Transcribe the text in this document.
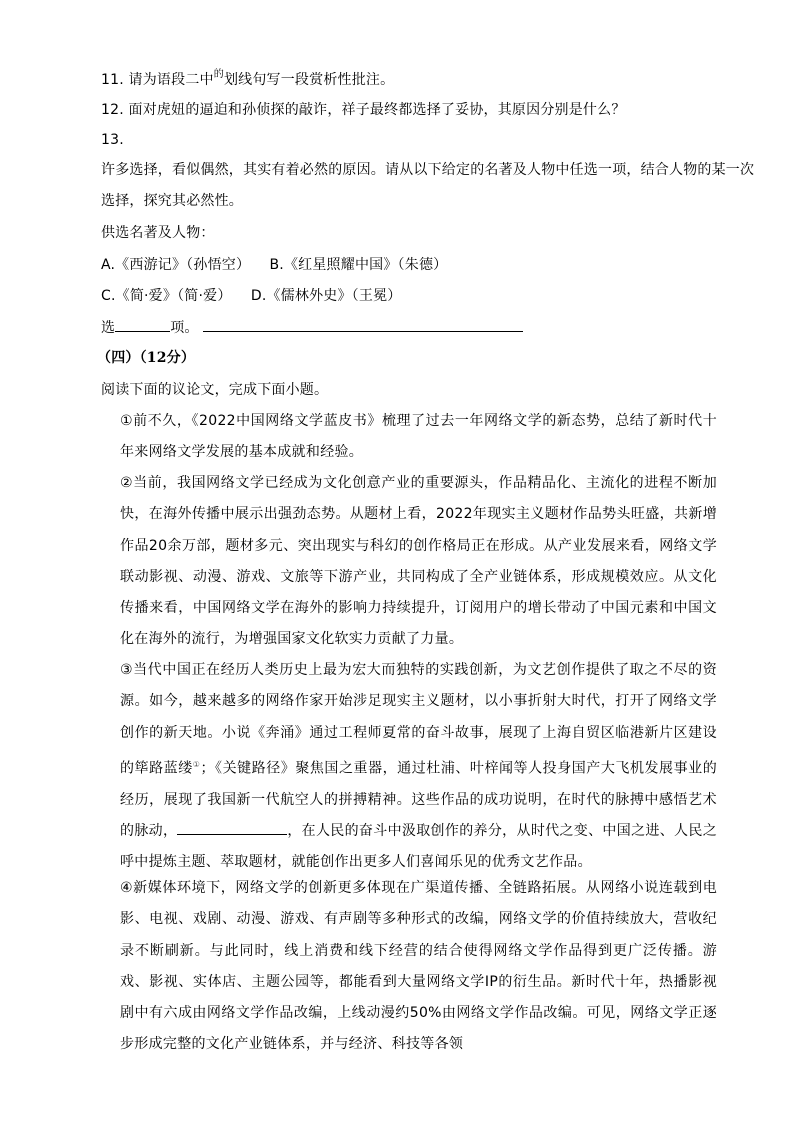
11. 请为语段二中$^的$划线句写一段赏析性批注。
12. 面对虎妞的逼迫和孙侦探的敲诈，祥子最终都选择了妥协，其原因分别是什么？
13.
许多选择，看似偶然，其实有着必然的原因。请从以下给定的名著及人物中任选一项，结合人物的某一次
选择，探究其必然性。
供选名著及人物：
A.《西游记》（孙悟空） B.《红星照耀中国》（朱德）
C.《简·爱》（简·爱） D.《儒林外史》（王冕）
选	项。
（四）（12分）
阅读下面的议论文，完成下面小题。
①前不久，《2022中国网络文学蓝皮书》梳理了过去一年网络文学的新态势，总结了新时代十年来网络文学发展的基本成就和经验。
②当前，我国网络文学已经成为文化创意产业的重要源头，作品精品化、主流化的进程不断加快，在海外传播中展示出强劲态势。从题材上看，2022年现实主义题材作品势头旺盛，共新增作品20余万部，题材多元、突出现实与科幻的创作格局正在形成。从产业发展来看，网络文学联动影视、动漫、游戏、文旅等下游产业，共同构成了全产业链体系，形成规模效应。从文化传播来看，中国网络文学在海外的影响力持续提升，订阅用户的增长带动了中国元素和中国文化在海外的流行，为增强国家文化软实力贡献了力量。
③当代中国正在经历人类历史上最为宏大而独特的实践创新，为文艺创作提供了取之不尽的资源。如今，越来越多的网络作家开始涉足现实主义题材，以小事折射大时代，打开了网络文学创作的新天地。小说《奔涌》通过工程师夏常的奋斗故事，展现了上海自贸区临港新片区建设的筚路蓝缕①；《关键路径》聚焦国之重器，通过杜浦、叶梓闻等人投身国产大飞机发展事业的经历，展现了我国新一代航空人的拼搏精神。这些作品的成功说明，在时代的脉搏中感悟艺术的脉动，	，在人民的奋斗中汲取创作的养分，从时代之变、中国之进、人民之呼中提炼主题、萃取题材，就能创作出更多人们喜闻乐见的优秀文艺作品。
④新媒体环境下，网络文学的创新更多体现在广渠道传播、全链路拓展。从网络小说连载到电影、电视、戏剧、动漫、游戏、有声剧等多种形式的改编，网络文学的价值持续放大，营收纪录不断刷新。与此同时，线上消费和线下经营的结合使得网络文学作品得到更广泛传播。游戏、影视、实体店、主题公园等，都能看到大量网络文学IP的衍生品。新时代十年，热播影视剧中有六成由网络文学作品改编，上线动漫约50%由网络文学作品改编。可见，网络文学正逐步形成完整的文化产业链体系，并与经济、科技等各领
